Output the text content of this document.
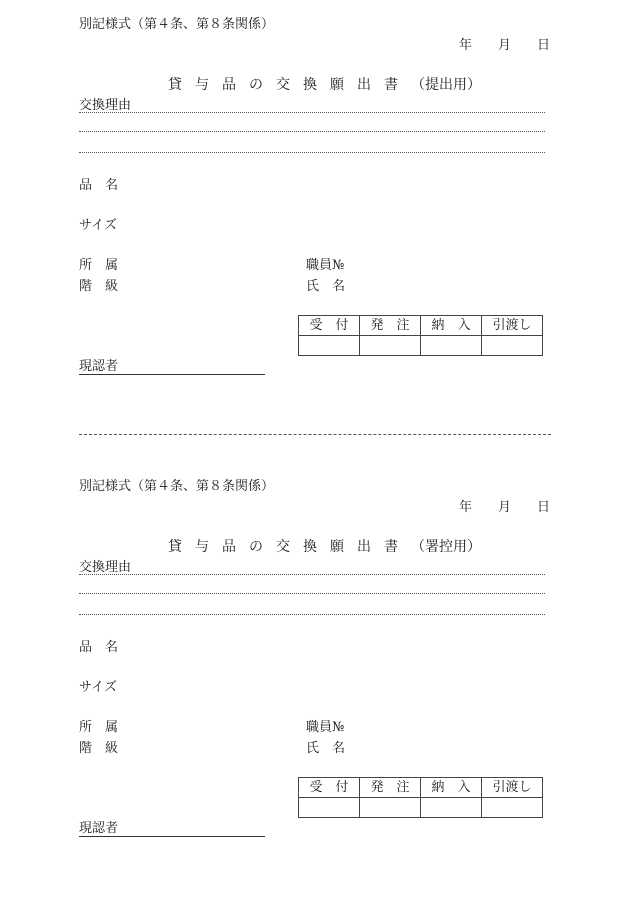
別記様式（第４条、第８条関係）
年 月 日
貸 与 品 の 交 換 願 出 書 （提出用）
交換理由
品 名
サイズ
所 属
階 級
職員№
氏 名
受　付	発　注	納　入	引渡し

現認者
別記様式（第４条、第８条関係）
年 月 日
貸 与 品 の 交 換 願 出 書 （署控用）
交換理由
品 名
サイズ
所 属
階 級
職員№
氏 名
受　付	発　注	納　入	引渡し

現認者
